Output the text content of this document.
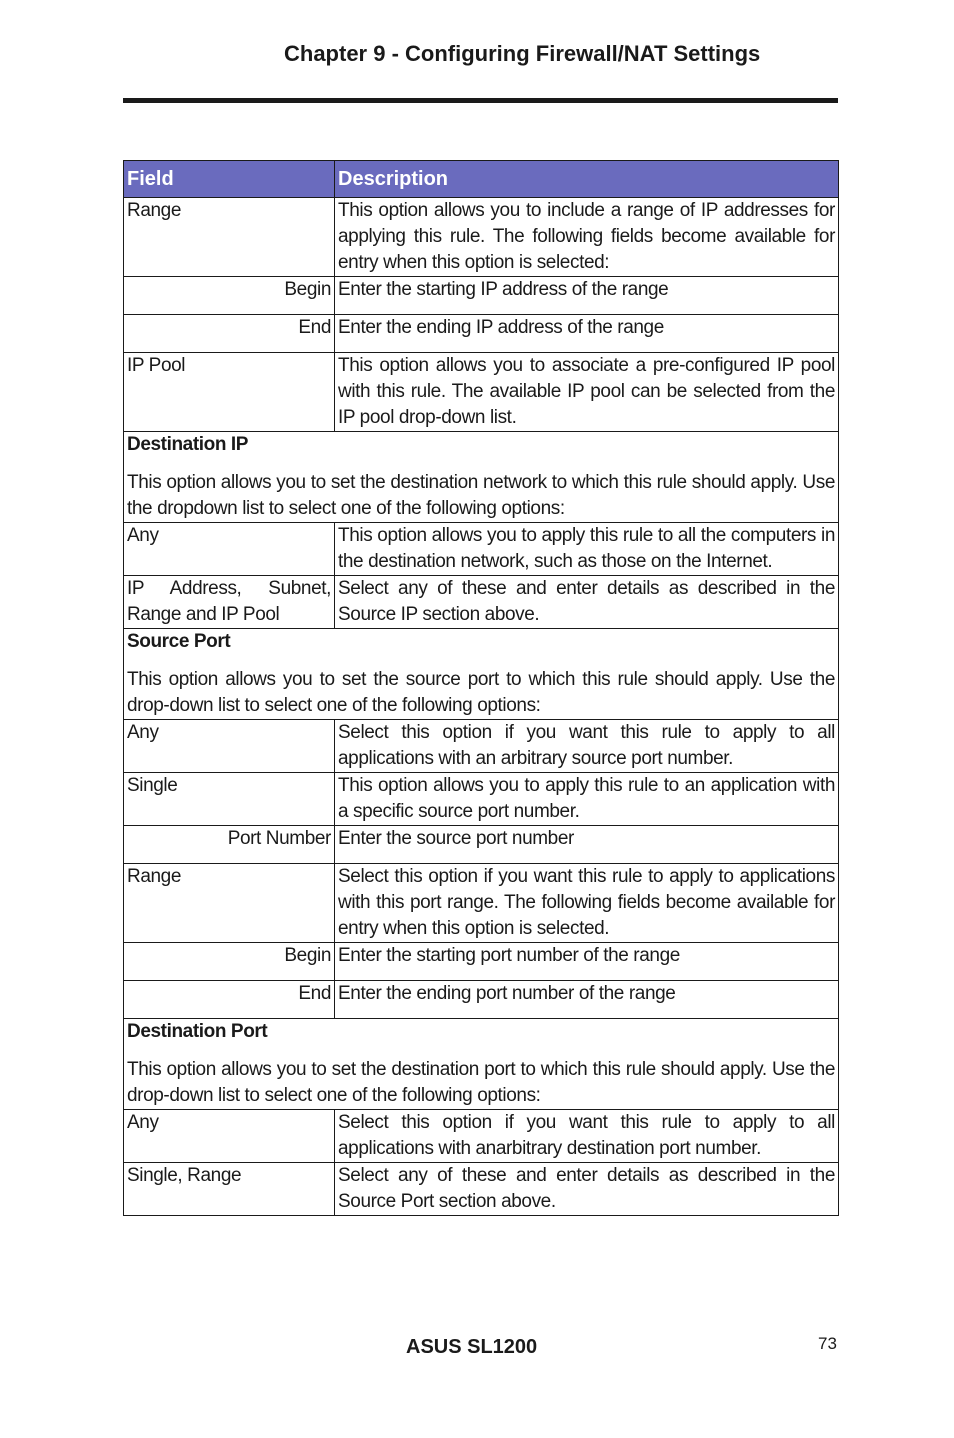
Chapter 9 - Configuring Firewall/NAT Settings
Field	Description
Range	This option allows you to include a range of IP addresses for applying this rule. The following fields become available for entry when this option is selected:
Begin	Enter the starting IP address of the range
End	Enter the ending IP address of the range
IP Pool	This option allows you to associate a pre-configured IP pool with this rule. The available IP pool can be selected from the IP pool drop-down list.

Destination IP
This option allows you to set the destination network to which this rule should apply. Use the dropdown list to select one of the following options:	

Any	This option allows you to apply this rule to all the computers in the destination network, such as those on the Internet.
IP Address, Subnet, Range and IP Pool	Select any of these and enter details as described in the Source IP section above.

Source Port
This option allows you to set the source port to which this rule should apply. Use the drop-down list to select one of the following options:	

Any	Select this option if you want this rule to apply to all applications with an arbitrary source port number.
Single	This option allows you to apply this rule to an application with a specific source port number.
Port Number	Enter the source port number
Range	Select this option if you want this rule to apply to applications with this port range. The following fields become available for entry when this option is selected.
Begin	Enter the starting port number of the range
End	Enter the ending port number of the range

Destination Port
This option allows you to set the destination port to which this rule should apply. Use the drop-down list to select one of the following options:	

Any	Select this option if you want this rule to apply to all applications with anarbitrary destination port number.
Single, Range	Select any of these and enter details as described in the Source Port section above.
ASUS SL1200	73
